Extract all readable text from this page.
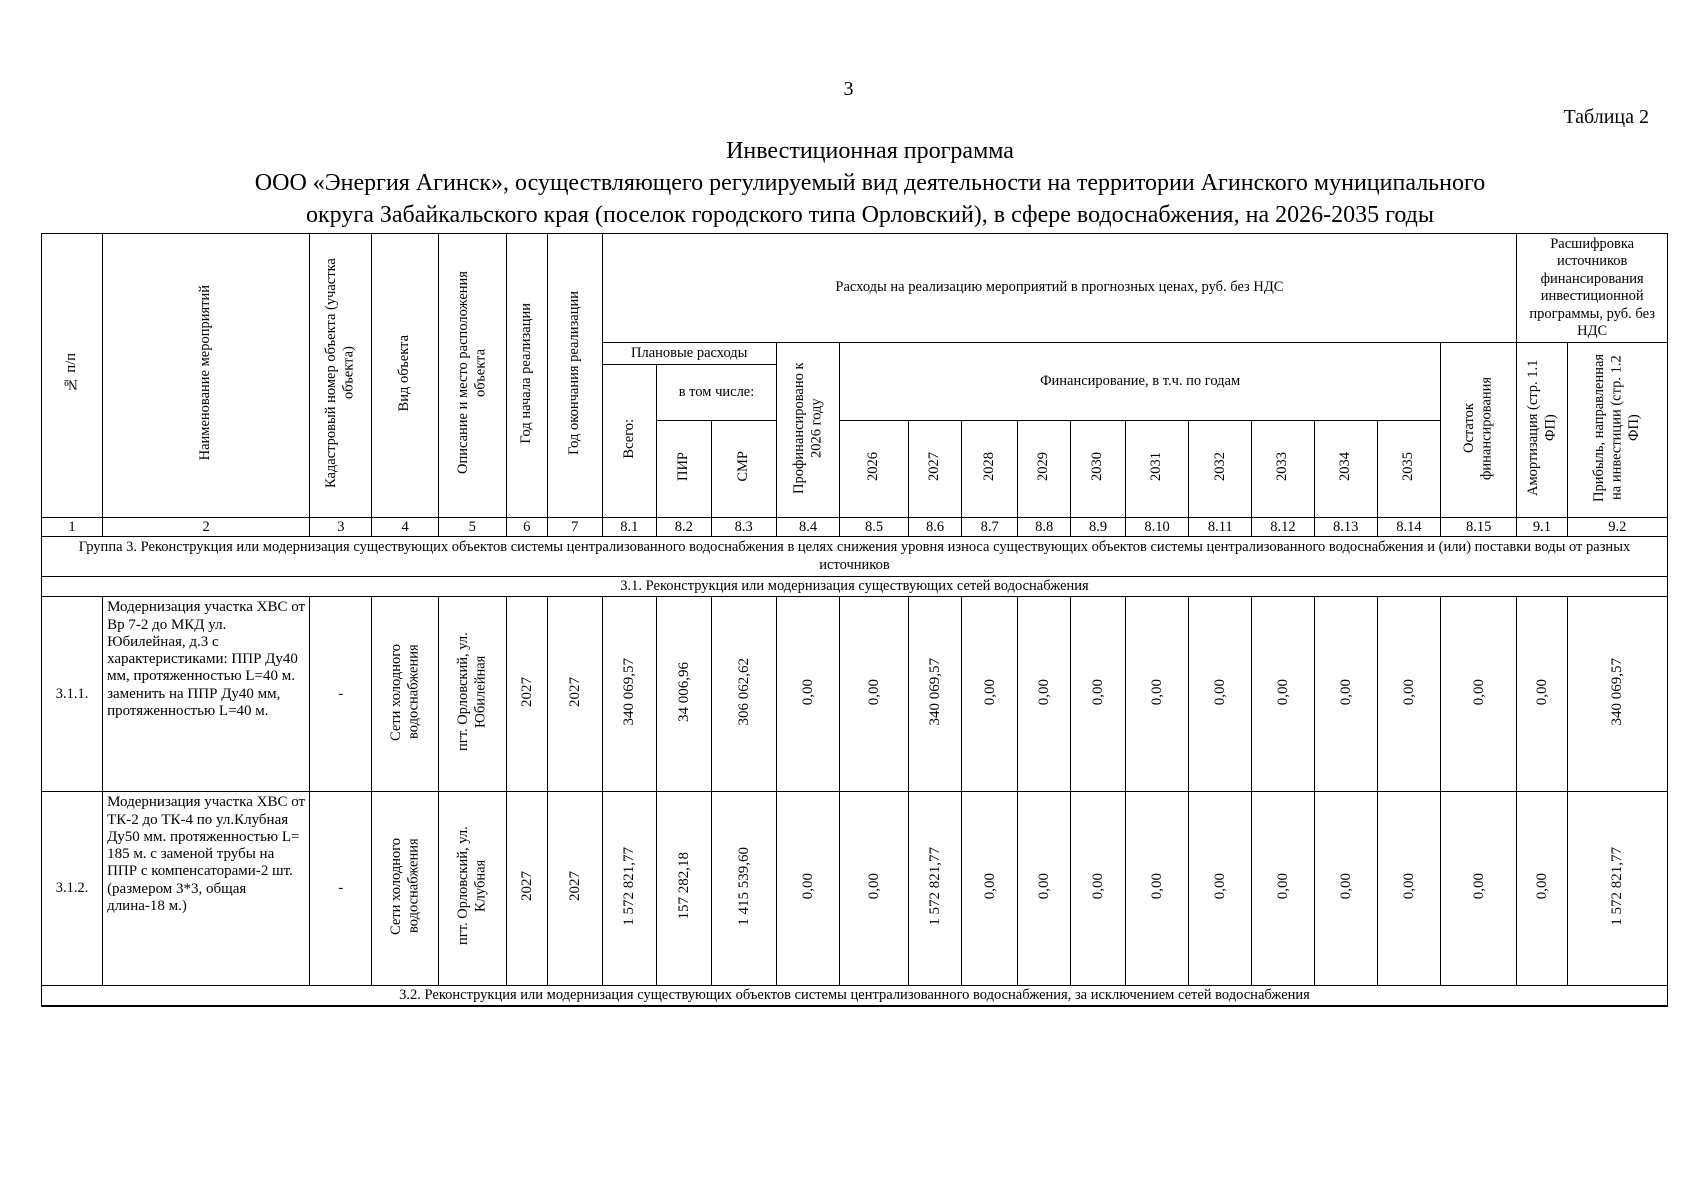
3
Таблица 2
Инвестиционная программа
ООО «Энергия Агинск», осуществляющего регулируемый вид деятельности на территории Агинского муниципального
округа Забайкальского края (поселок городского типа Орловский), в сфере водоснабжения, на 2026-2035 годы
№ п/п	Наименование мероприятий	Кадастровый номер объекта (участка объекта)	Вид объекта	Описание и место расположения объекта	Год начала реализации	Год окончания реализации	Расходы на реализацию мероприятий в прогнозных ценах, руб. без НДС															Расшифровка источников финансирования инвестиционной программы, руб. без НДС	
							Плановые расходы			Профинансировано к 2026 году	Финансирование, в т.ч. по годам										Остаток финансирования	Амортизация (стр. 1.1 ФП)	Прибыль, направленная на инвестиции (стр. 1.2 ФП)
							Всего:	в том числе:															
								ПИР	СМР		2026	2027	2028	2029	2030	2031	2032	2033	2034	2035			
1	2	3	4	5	6	7	8.1	8.2	8.3	8.4	8.5	8.6	8.7	8.8	8.9	8.10	8.11	8.12	8.13	8.14	8.15	9.1	9.2
Группа 3. Реконструкция или модернизация существующих объектов системы централизованного водоснабжения в целях снижения уровня износа существующих объектов системы централизованного водоснабжения и (или) поставки воды от разных источников																							
3.1. Реконструкция или модернизация существующих сетей водоснабжения																							
3.1.1.	Модернизация участка ХВС от Вр 7-2 до МКД ул. Юбилейная, д.3 с характеристиками: ППР Ду40 мм, протяженностью L=40 м. заменить на ППР Ду40 мм, протяженностью L=40 м.	-	Сети холодного водоснабжения	пгт. Орловский, ул. Юбилейная	2027	2027	340 069,57	34 006,96	306 062,62	0,00	0,00	340 069,57	0,00	0,00	0,00	0,00	0,00	0,00	0,00	0,00	0,00	0,00	340 069,57
3.1.2.	Модернизация участка ХВС от ТК-2 до ТК-4 по ул.Клубная Ду50 мм. протяженностью L= 185 м. с заменой трубы на ППР с компенсаторами-2 шт. (размером 3*3, общая длина-18 м.)	-	Сети холодного водоснабжения	пгт. Орловский, ул. Клубная	2027	2027	1 572 821,77	157 282,18	1 415 539,60	0,00	0,00	1 572 821,77	0,00	0,00	0,00	0,00	0,00	0,00	0,00	0,00	0,00	0,00	1 572 821,77
3.2. Реконструкция или модернизация существующих объектов системы централизованного водоснабжения, за исключением сетей водоснабжения																							
